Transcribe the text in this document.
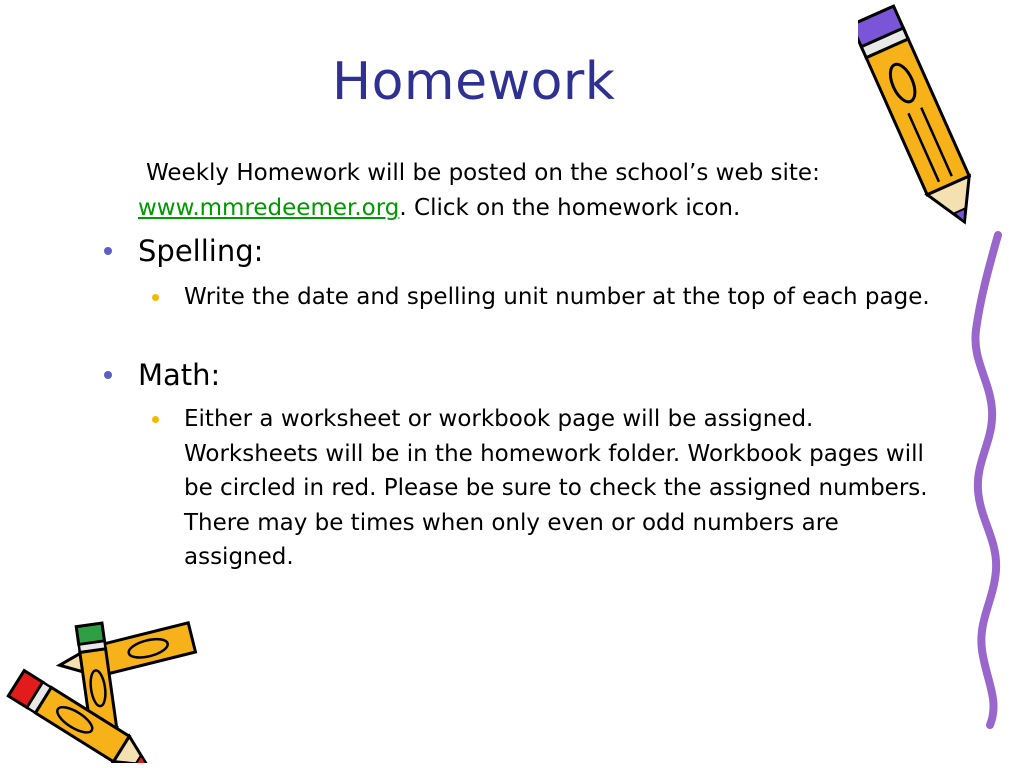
Homework
Weekly Homework will be posted on the school’s web site:
www.mmredeemer.org. Click on the homework icon.
Spelling:
Write the date and spelling unit number at the top of each page.
Math:
Either a worksheet or workbook page will be assigned. Worksheets will be in the homework folder. Workbook pages will be circled in red. Please be sure to check the assigned numbers. There may be times when only even or odd numbers are assigned.
